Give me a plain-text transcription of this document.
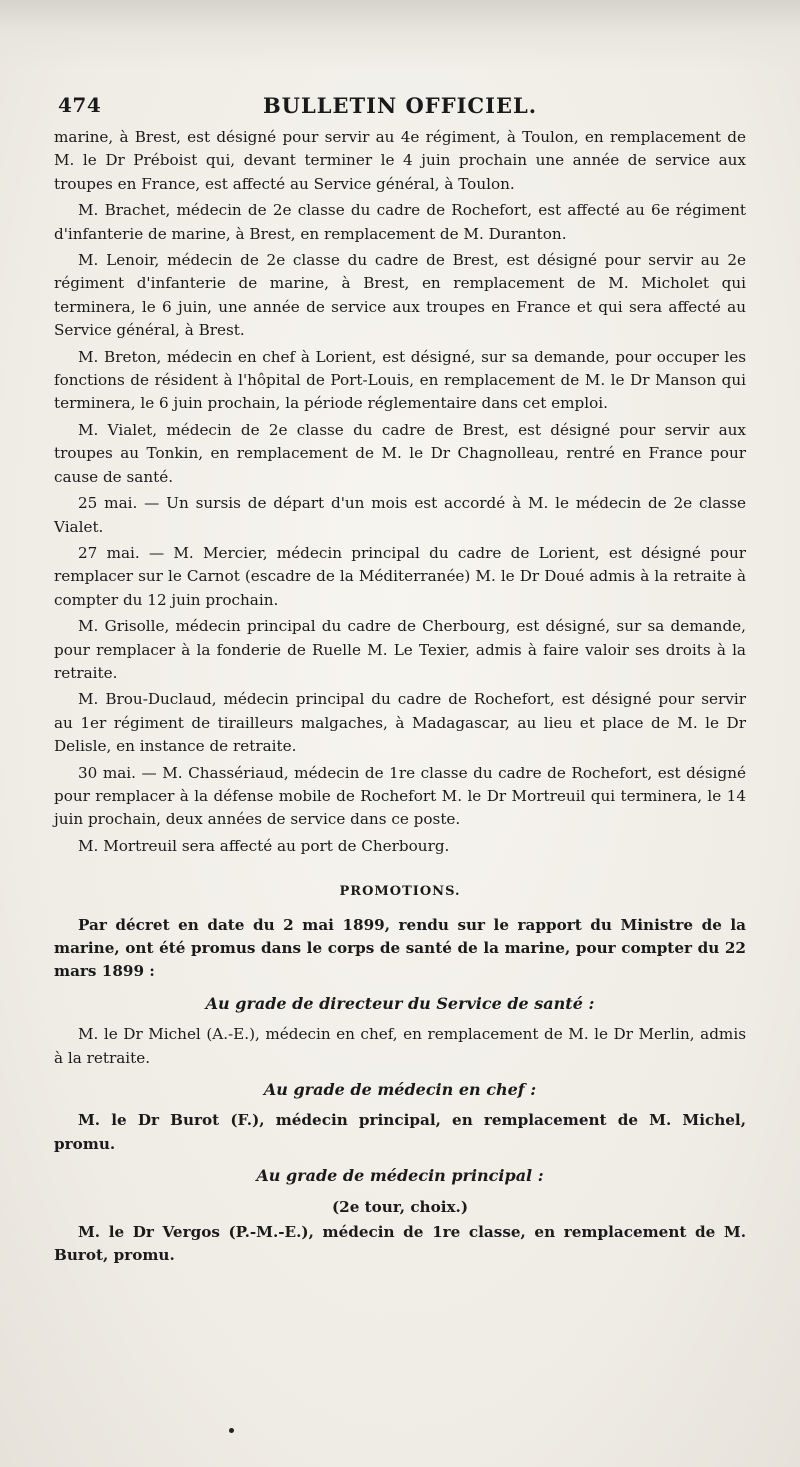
474	BULLETIN OFFICIEL.

marine, à Brest, est désigné pour servir au 4e régiment, à Toulon, en remplacement de M. le Dr Préboist qui, devant terminer le 4 juin prochain une année de service aux troupes en France, est affecté au Service général, à Toulon.

M. Brachet, médecin de 2e classe du cadre de Rochefort, est affecté au 6e régiment d'infanterie de marine, à Brest, en remplacement de M. Duranton.

M. Lenoir, médecin de 2e classe du cadre de Brest, est désigné pour servir au 2e régiment d'infanterie de marine, à Brest, en remplacement de M. Micholet qui terminera, le 6 juin, une année de service aux troupes en France et qui sera affecté au Service général, à Brest.

M. Breton, médecin en chef à Lorient, est désigné, sur sa demande, pour occuper les fonctions de résident à l'hôpital de Port-Louis, en remplacement de M. le Dr Manson qui terminera, le 6 juin prochain, la période réglementaire dans cet emploi.

M. Vialet, médecin de 2e classe du cadre de Brest, est désigné pour servir aux troupes au Tonkin, en remplacement de M. le Dr Chagnolleau, rentré en France pour cause de santé.

25 mai. — Un sursis de départ d'un mois est accordé à M. le médecin de 2e classe Vialet.

27 mai. — M. Mercier, médecin principal du cadre de Lorient, est désigné pour remplacer sur le Carnot (escadre de la Méditerranée) M. le Dr Doué admis à la retraite à compter du 12 juin prochain.

M. Grisolle, médecin principal du cadre de Cherbourg, est désigné, sur sa demande, pour remplacer à la fonderie de Ruelle M. Le Texier, admis à faire valoir ses droits à la retraite.

M. Brou-Duclaud, médecin principal du cadre de Rochefort, est désigné pour servir au 1er régiment de tirailleurs malgaches, à Madagascar, au lieu et place de M. le Dr Delisle, en instance de retraite.

30 mai. — M. Chassériaud, médecin de 1re classe du cadre de Rochefort, est désigné pour remplacer à la défense mobile de Rochefort M. le Dr Mortreuil qui terminera, le 14 juin prochain, deux années de service dans ce poste.

M. Mortreuil sera affecté au port de Cherbourg.

PROMOTIONS.

Par décret en date du 2 mai 1899, rendu sur le rapport du Ministre de la marine, ont été promus dans le corps de santé de la marine, pour compter du 22 mars 1899 :

Au grade de directeur du Service de santé :

M. le Dr Michel (A.-E.), médecin en chef, en remplacement de M. le Dr Merlin, admis à la retraite.

Au grade de médecin en chef :

M. le Dr Burot (F.), médecin principal, en remplacement de M. Michel, promu.

Au grade de médecin principal :
(2e tour, choix.)

M. le Dr Vergos (P.-M.-E.), médecin de 1re classe, en remplacement de M. Burot, promu.
